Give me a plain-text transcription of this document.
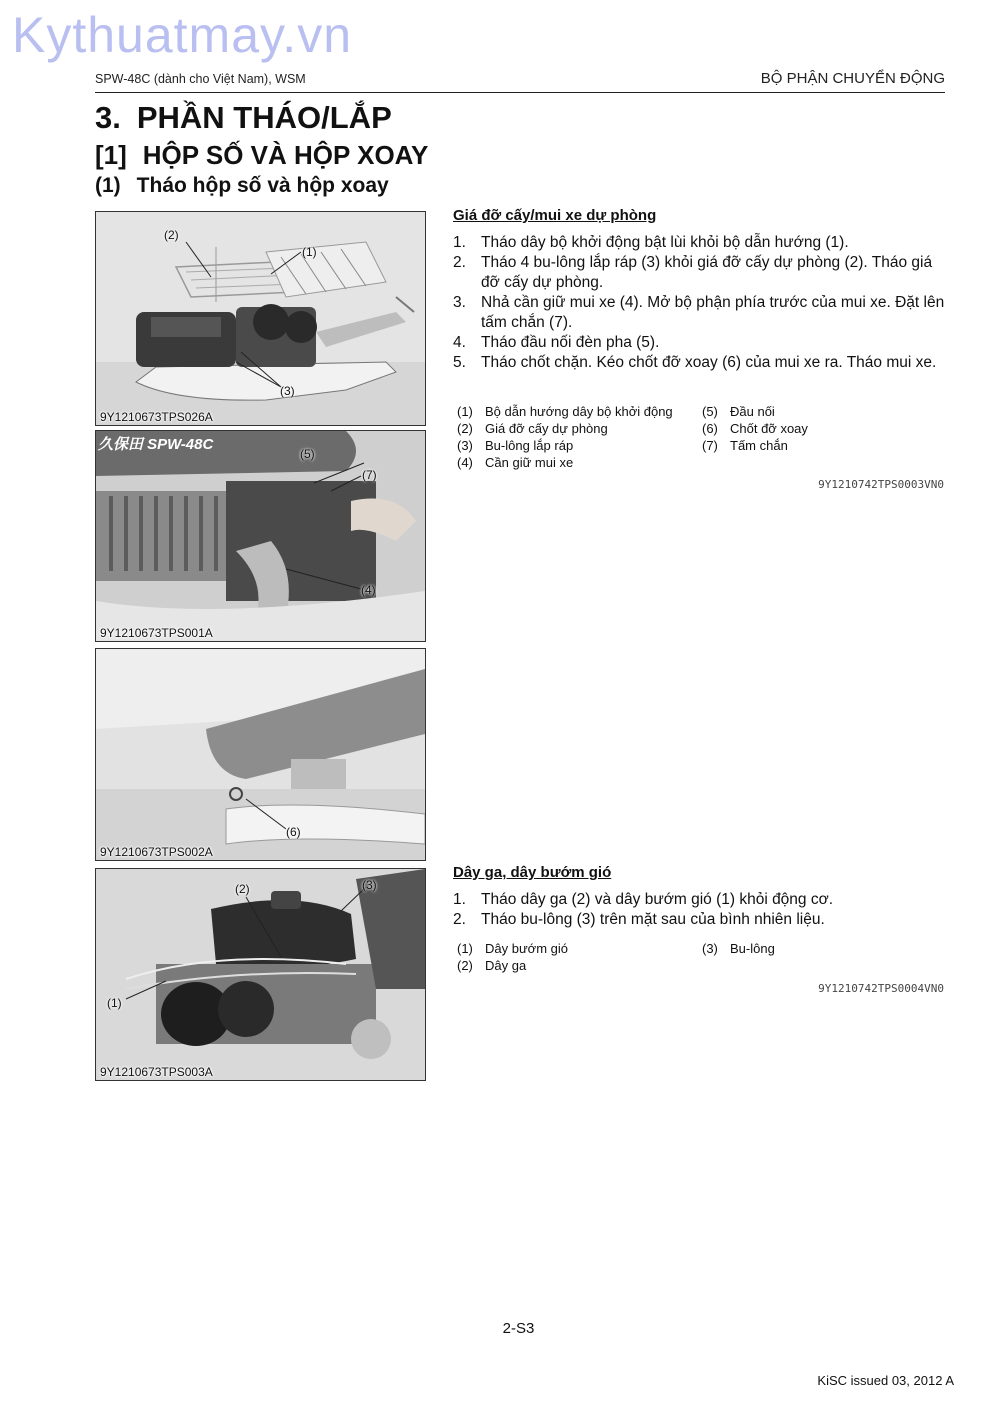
Kythuatmay.vn
SPW-48C (dành cho Việt Nam), WSM	BỘ PHẬN CHUYỂN ĐỘNG
3. PHẦN THÁO/LẮP
[1] HỘP SỐ VÀ HỘP XOAY
(1) Tháo hộp số và hộp xoay
(2)
(1)
(3)
9Y1210673TPS026A
(5)
(7)
(4)
久保田 SPW-48C
9Y1210673TPS001A
(6)
9Y1210673TPS002A
(2)	(3)
(1)
9Y1210673TPS003A
Giá đỡ cấy/mui xe dự phòng
1. Tháo dây bộ khởi động bật lùi khỏi bộ dẫn hướng (1).
2. Tháo 4 bu-lông lắp ráp (3) khỏi giá đỡ cấy dự phòng (2). Tháo giá đỡ cấy dự phòng.
3. Nhả cần giữ mui xe (4). Mở bộ phận phía trước của mui xe. Đặt lên tấm chắn (7).
4. Tháo đầu nối đèn pha (5).
5. Tháo chốt chặn. Kéo chốt đỡ xoay (6) của mui xe ra. Tháo mui xe.
(1) Bộ dẫn hướng dây bộ khởi động
(2) Giá đỡ cấy dự phòng
(3) Bu-lông lắp ráp
(4) Cần giữ mui xe
(5) Đầu nối
(6) Chốt đỡ xoay
(7) Tấm chắn
9Y1210742TPS0003VN0
Dây ga, dây bướm gió
1. Tháo dây ga (2) và dây bướm gió (1) khỏi động cơ.
2. Tháo bu-lông (3) trên mặt sau của bình nhiên liệu.
(1) Dây bướm gió
(2) Dây ga
(3) Bu-lông
9Y1210742TPS0004VN0
2-S3
KiSC issued 03, 2012 A
